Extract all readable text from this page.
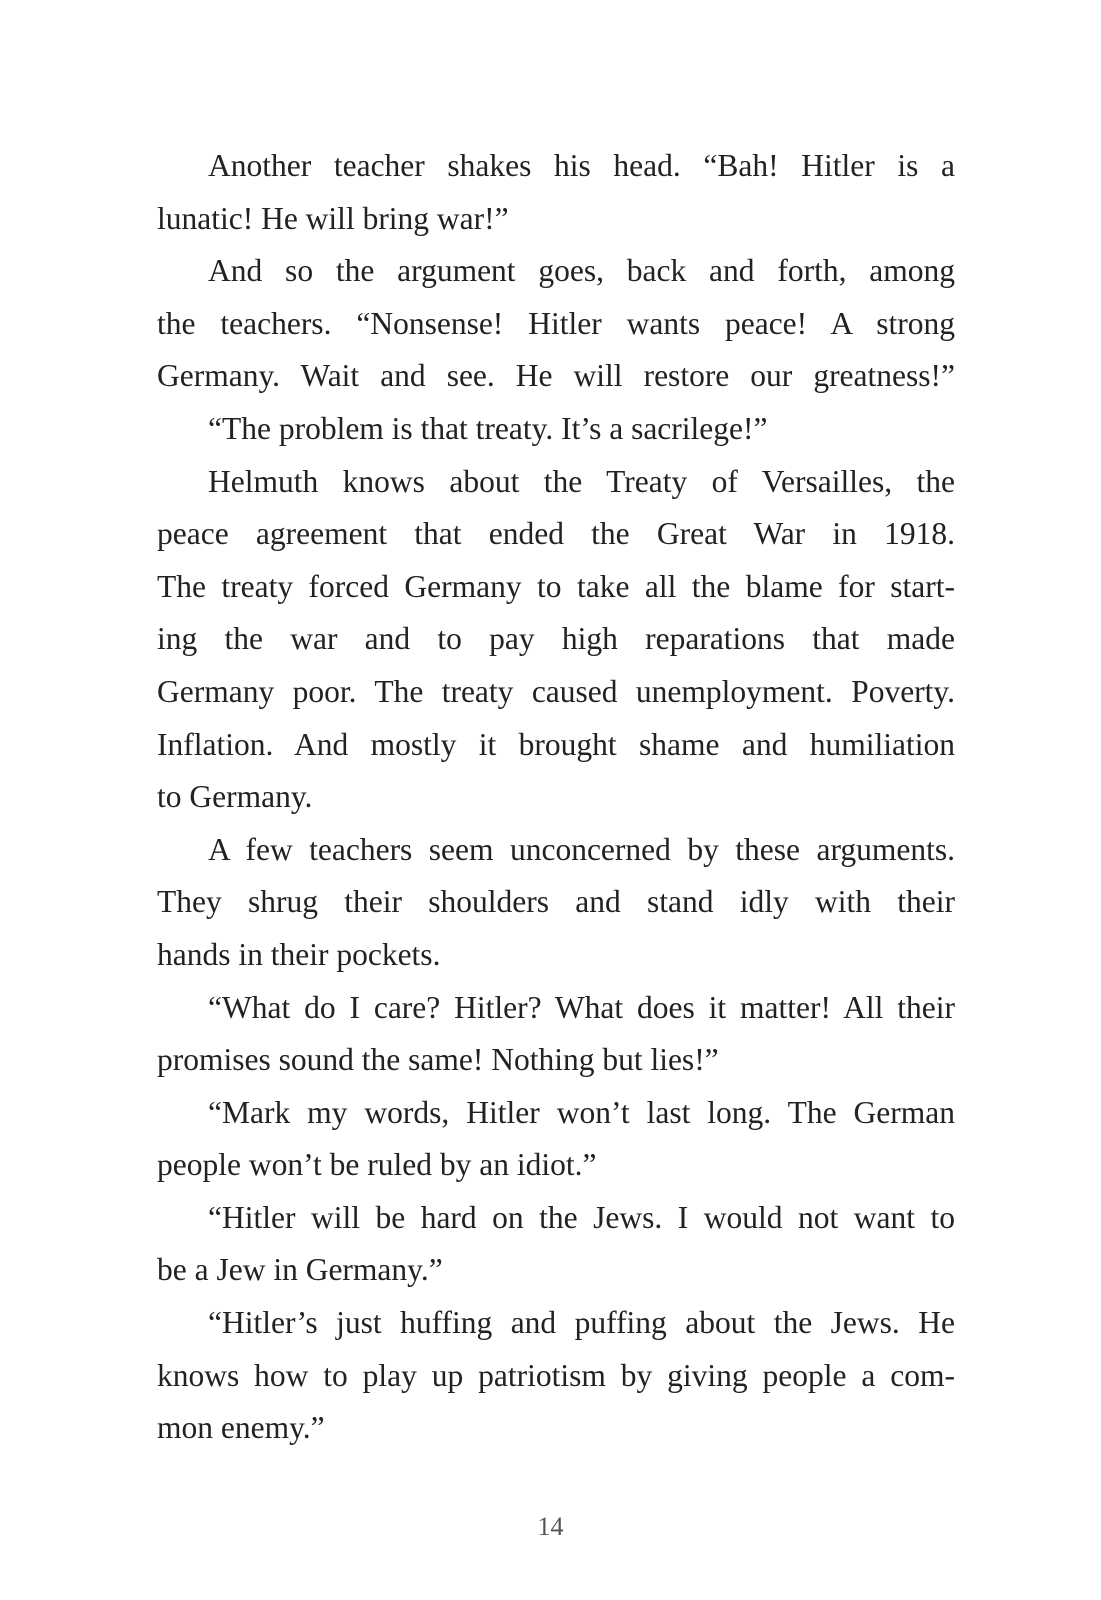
Another teacher shakes his head. “Bah! Hitler is a
lunatic! He will bring war!”
And so the argument goes, back and forth, among
the teachers. “Nonsense! Hitler wants peace! A strong
Germany. Wait and see. He will restore our greatness!”
“The problem is that treaty. It’s a sacrilege!”
Helmuth knows about the Treaty of Versailles, the
peace agreement that ended the Great War in 1918.
The treaty forced Germany to take all the blame for start-
ing the war and to pay high reparations that made
Germany poor. The treaty caused unemployment. Poverty.
Inflation. And mostly it brought shame and humiliation
to Germany.
A few teachers seem unconcerned by these arguments.
They shrug their shoulders and stand idly with their
hands in their pockets.
“What do I care? Hitler? What does it matter! All their
promises sound the same! Nothing but lies!”
“Mark my words, Hitler won’t last long. The German
people won’t be ruled by an idiot.”
“Hitler will be hard on the Jews. I would not want to
be a Jew in Germany.”
“Hitler’s just huffing and puffing about the Jews. He
knows how to play up patriotism by giving people a com-
mon enemy.”
14
